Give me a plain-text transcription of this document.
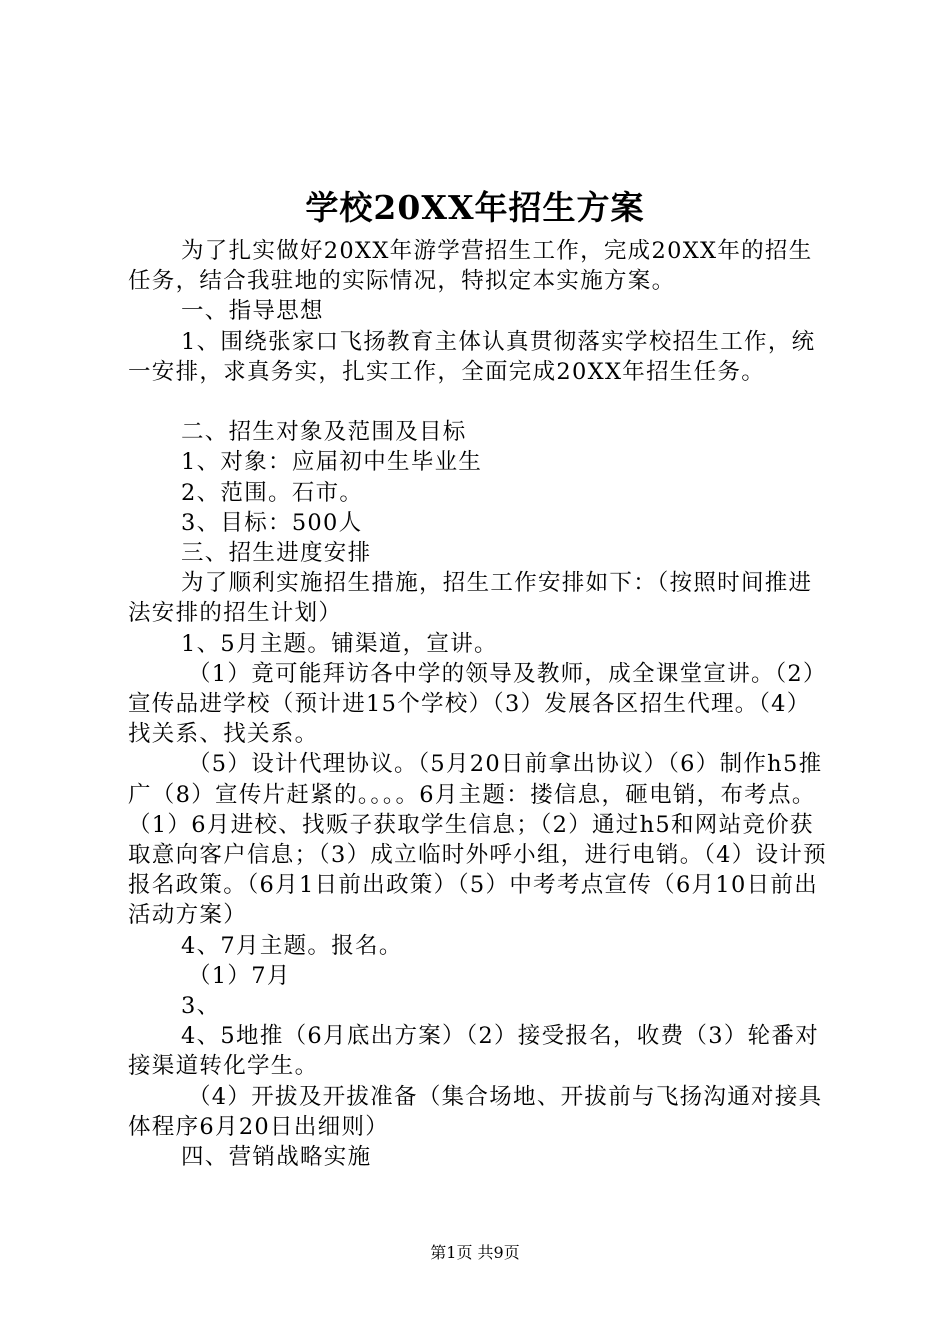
学校20XX年招生方案

为了扎实做好20XX年游学营招生工作，完成20XX年的招生任务，结合我驻地的实际情况，特拟定本实施方案。

一、指导思想

1、围绕张家口飞扬教育主体认真贯彻落实学校招生工作，统一安排，求真务实，扎实工作，全面完成20XX年招生任务。

二、招生对象及范围及目标

1、对象：应届初中生毕业生

2、范围。石市。

3、目标：500人

三、招生进度安排

为了顺利实施招生措施，招生工作安排如下：（按照时间推进法安排的招生计划）

1、5月主题。铺渠道，宣讲。

（1）竟可能拜访各中学的领导及教师，成全课堂宣讲。（2）宣传品进学校（预计进15个学校）（3）发展各区招生代理。（4）找关系、找关系。

（5）设计代理协议。（5月20日前拿出协议）（6）制作h5推广（8）宣传片赶紧的。。。。6月主题：搂信息，砸电销，布考点。（1）6月进校、找贩子获取学生信息；（2）通过h5和网站竞价获取意向客户信息；（3）成立临时外呼小组，进行电销。（4）设计预报名政策。（6月1日前出政策）（5）中考考点宣传（6月10日前出活动方案）

4、7月主题。报名。

（1）7月

3、

4、5地推（6月底出方案）（2）接受报名，收费（3）轮番对接渠道转化学生。

（4）开拔及开拔准备（集合场地、开拔前与飞扬沟通对接具体程序6月20日出细则）

四、营销战略实施

第1页 共9页
